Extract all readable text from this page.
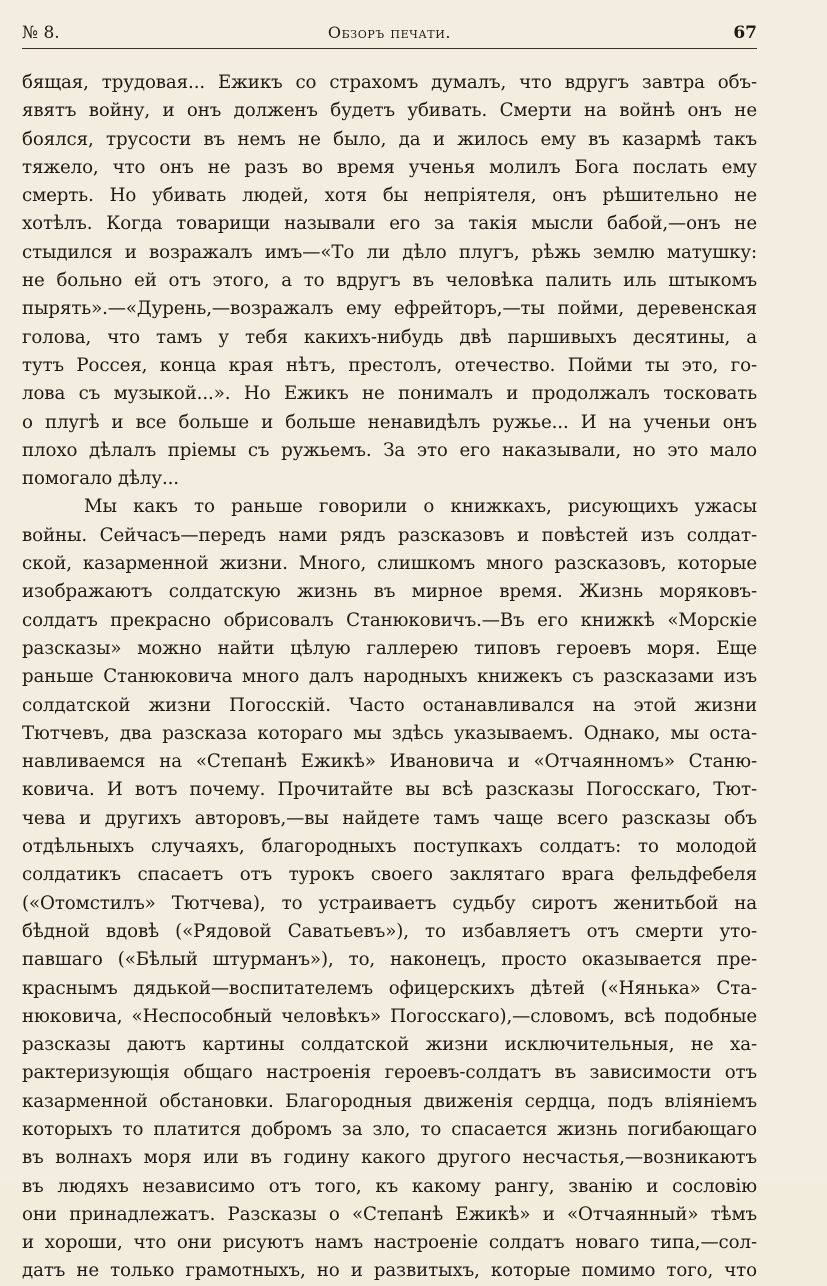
№ 8.	Обзоръ печати.	67
бящая, трудовая... Ежикъ со страхомъ думалъ, что вдругъ завтра объ-
явятъ войну, и онъ долженъ будетъ убивать. Смерти на войнѣ онъ не
боялся, трусости въ немъ не было, да и жилось ему въ казармѣ такъ
тяжело, что онъ не разъ во время ученья молилъ Бога послать ему
смерть. Но убивать людей, хотя бы непріятеля, онъ рѣшительно не
хотѣлъ. Когда товарищи называли его за такія мысли бабой,—онъ не
стыдился и возражалъ имъ—«То ли дѣло плугъ, рѣжь землю матушку:
не больно ей отъ этого, а то вдругъ въ человѣка палить иль штыкомъ
пырять».—«Дурень,—возражалъ ему ефрейторъ,—ты пойми, деревенская
голова, что тамъ у тебя какихъ-нибудь двѣ паршивыхъ десятины, а
тутъ Россея, конца края нѣтъ, престолъ, отечество. Пойми ты это, го-
лова съ музыкой...». Но Ежикъ не понималъ и продолжалъ тосковать
о плугѣ и все больше и больше ненавидѣлъ ружье... И на ученьи онъ
плохо дѣлалъ пріемы съ ружьемъ. За это его наказывали, но это мало
помогало дѣлу...
Мы какъ то раньше говорили о книжкахъ, рисующихъ ужасы
войны. Сейчасъ—передъ нами рядъ разсказовъ и повѣстей изъ солдат-
ской, казарменной жизни. Много, слишкомъ много разсказовъ, которые
изображаютъ солдатскую жизнь въ мирное время. Жизнь моряковъ-
солдатъ прекрасно обрисовалъ Станюковичъ.—Въ его книжкѣ «Морскіе
разсказы» можно найти цѣлую галлерею типовъ героевъ моря. Еще
раньше Станюковича много далъ народныхъ книжекъ съ разсказами изъ
солдатской жизни Погосскій. Часто останавливался на этой жизни
Тютчевъ, два разсказа котораго мы здѣсь указываемъ. Однако, мы оста-
навливаемся на «Степанѣ Ежикѣ» Ивановича и «Отчаянномъ» Станю-
ковича. И вотъ почему. Прочитайте вы всѣ разсказы Погосскаго, Тют-
чева и другихъ авторовъ,—вы найдете тамъ чаще всего разсказы объ
отдѣльныхъ случаяхъ, благородныхъ поступкахъ солдатъ: то молодой
солдатикъ спасаетъ отъ турокъ своего заклятаго врага фельдфебеля
(«Отомстилъ» Тютчева), то устраиваетъ судьбу сиротъ женитьбой на
бѣдной вдовѣ («Рядовой Саватьевъ»), то избавляетъ отъ смерти уто-
павшаго («Бѣлый штурманъ»), то, наконецъ, просто оказывается пре-
краснымъ дядькой—воспитателемъ офицерскихъ дѣтей («Нянька» Ста-
нюковича, «Неспособный человѣкъ» Погосскаго),—словомъ, всѣ подобные
разсказы даютъ картины солдатской жизни исключительныя, не ха-
рактеризующія общаго настроенія героевъ-солдатъ въ зависимости отъ
казарменной обстановки. Благородныя движенія сердца, подъ вліяніемъ
которыхъ то платится добромъ за зло, то спасается жизнь погибающаго
въ волнахъ моря или въ годину какого другого несчастья,—возникаютъ
въ людяхъ независимо отъ того, къ какому рангу, званію и сословію
они принадлежатъ. Разсказы о «Степанѣ Ежикѣ» и «Отчаянный» тѣмъ
и хороши, что они рисуютъ намъ настроеніе солдатъ новаго типа,—сол-
датъ не только грамотныхъ, но и развитыхъ, которые помимо того, что
